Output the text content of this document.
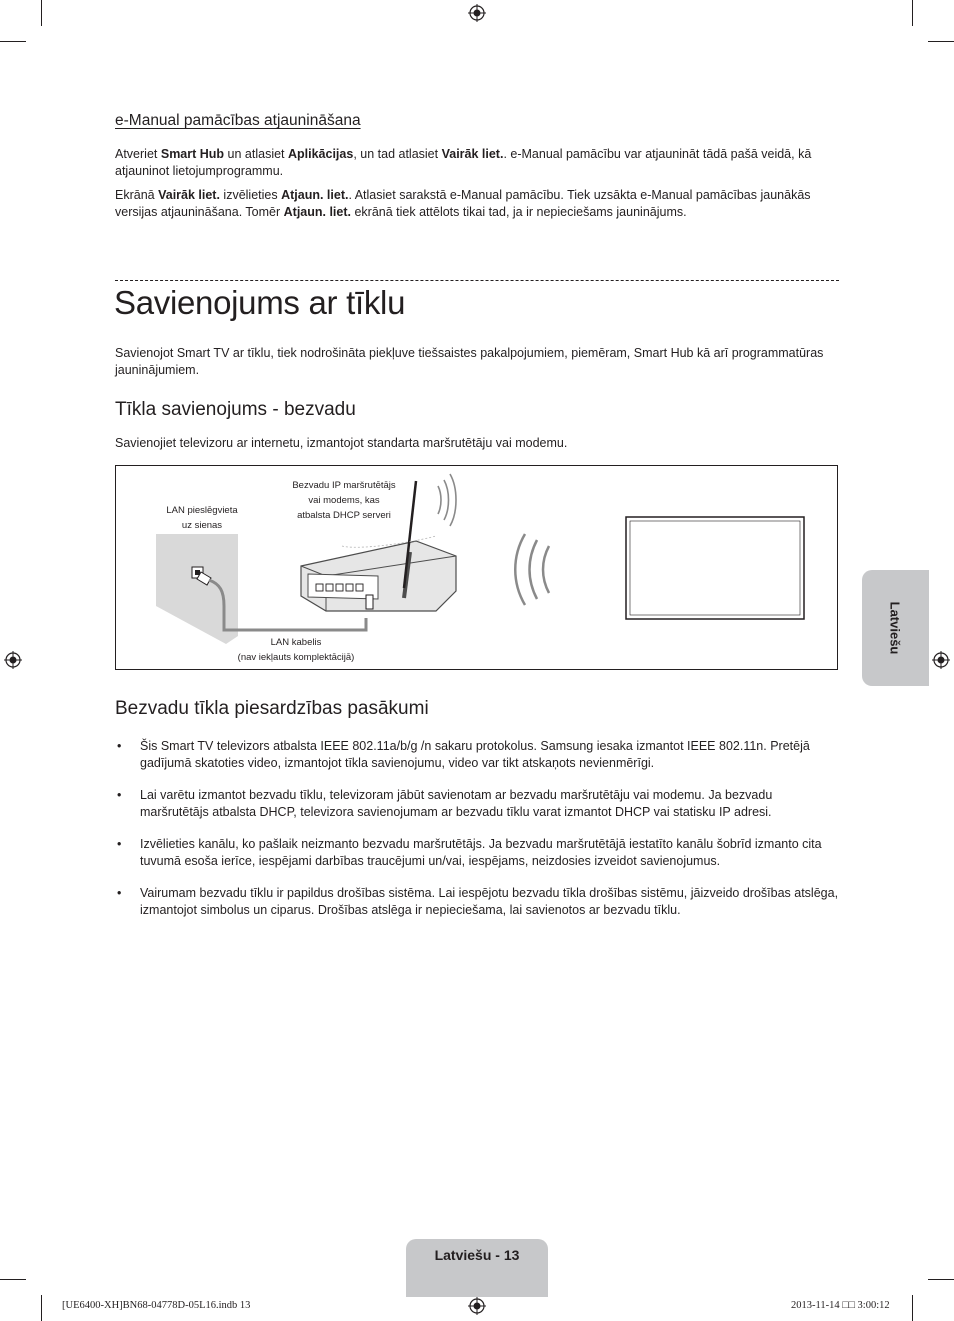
e-Manual pamācības atjaunināšana

Atveriet Smart Hub un atlasiet Aplikācijas, un tad atlasiet Vairāk liet.. e-Manual pamācību var atjaunināt tādā pašā veidā, kā atjauninot lietojumprogrammu.

Ekrānā Vairāk liet. izvēlieties Atjaun. liet.. Atlasiet sarakstā e-Manual pamācību. Tiek uzsākta e-Manual pamācības jaunākās versijas atjaunināšana. Tomēr Atjaun. liet. ekrānā tiek attēlots tikai tad, ja ir nepieciešams jauninājums.

Savienojums ar tīklu

Savienojot Smart TV ar tīklu, tiek nodrošināta piekļuve tiešsaistes pakalpojumiem, piemēram, Smart Hub kā arī programmatūras jauninājumiem.

Tīkla savienojums - bezvadu

Savienojiet televizoru ar internetu, izmantojot standarta maršrutētāju vai modemu.

Bezvadu IP maršrutētājs
vai modems, kas
atbalsta DHCP serveri
LAN pieslēgvieta
uz sienas
LAN kabelis
(nav iekļauts komplektācijā)
Bezvadu tīkla piesardzības pasākumi
• Šis Smart TV televizors atbalsta IEEE 802.11a/b/g /n sakaru protokolus. Samsung iesaka izmantot IEEE 802.11n. Pretējā gadījumā skatoties video, izmantojot tīkla savienojumu, video var tikt atskaņots nevienmērīgi.
• Lai varētu izmantot bezvadu tīklu, televizoram jābūt savienotam ar bezvadu maršrutētāju vai modemu. Ja bezvadu maršrutētājs atbalsta DHCP, televizora savienojumam ar bezvadu tīklu varat izmantot DHCP vai statisku IP adresi.
• Izvēlieties kanālu, ko pašlaik neizmanto bezvadu maršrutētājs. Ja bezvadu maršrutētājā iestatīto kanālu šobrīd izmanto cita tuvumā esoša ierīce, iespējami darbības traucējumi un/vai, iespējams, neizdosies izveidot savienojumus.
• Vairumam bezvadu tīklu ir papildus drošības sistēma. Lai iespējotu bezvadu tīkla drošības sistēmu, jāizveido drošības atslēga, izmantojot simbolus un ciparus. Drošības atslēga ir nepieciešama, lai savienotos ar bezvadu tīklu.
Latviešu
Latviešu - 13
[UE6400-XH]BN68-04778D-05L16.indb 13	2013-11-14 □□ 3:00:12
